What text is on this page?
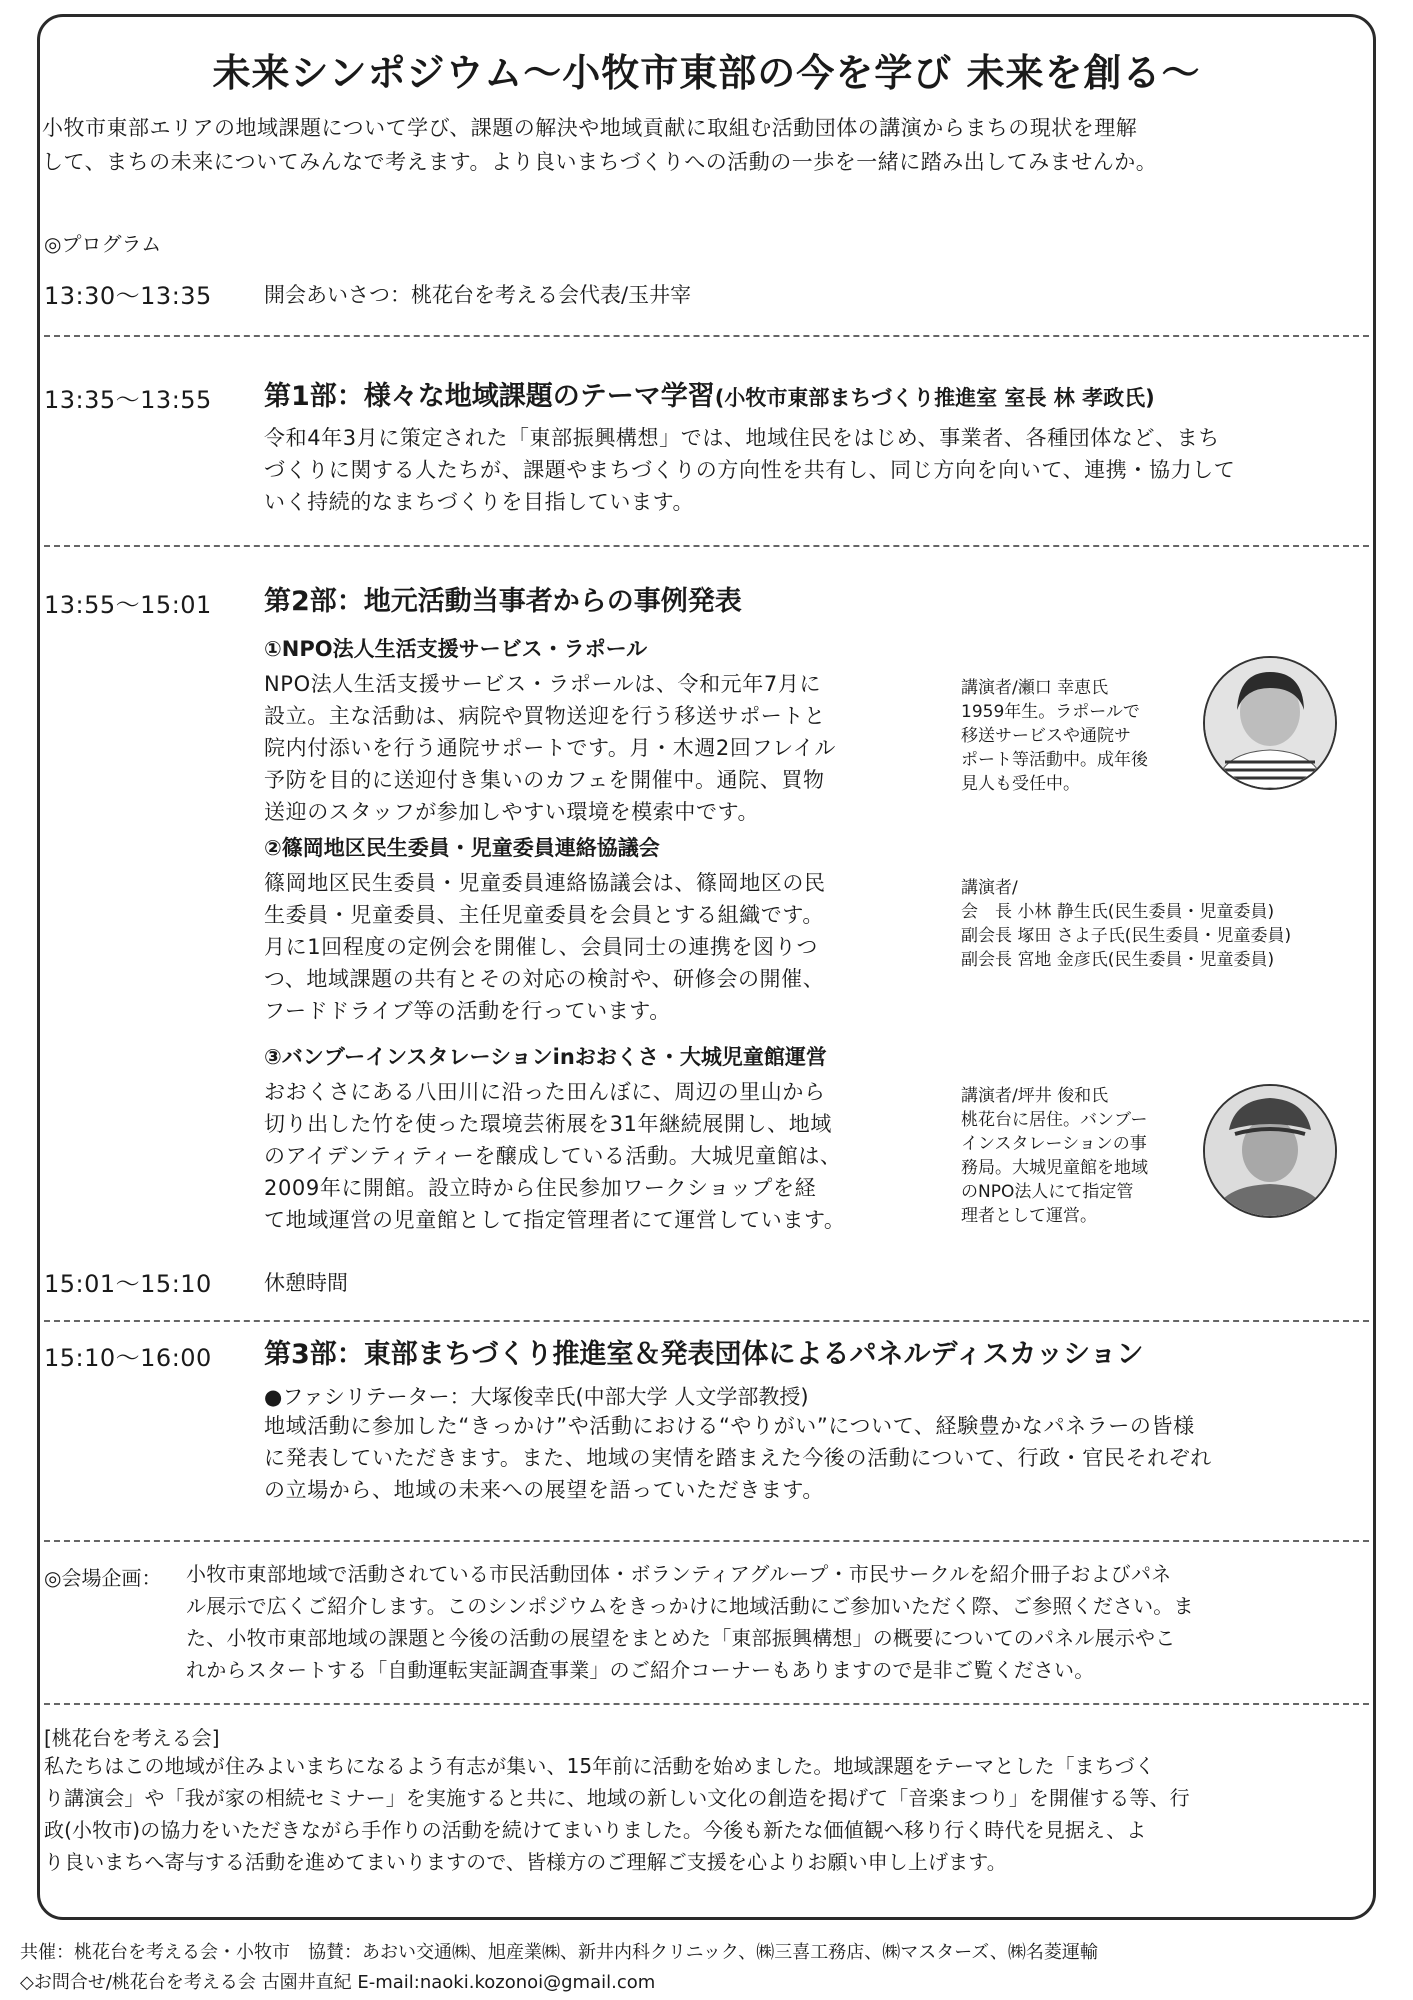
未来シンポジウム～小牧市東部の今を学び 未来を創る～
小牧市東部エリアの地域課題について学び、課題の解決や地域貢献に取組む活動団体の講演からまちの現状を理解
して、まちの未来についてみんなで考えます。より良いまちづくりへの活動の一歩を一緒に踏み出してみませんか。
◎プログラム
13:30～13:35 開会あいさつ：桃花台を考える会代表/玉井宰
13:35～13:55 第1部：様々な地域課題のテーマ学習(小牧市東部まちづくり推進室 室長 林 孝政氏)

令和4年3月に策定された「東部振興構想」では、地域住民をはじめ、事業者、各種団体など、まち

づくりに関する人たちが、課題やまちづくりの方向性を共有し、同じ方向を向いて、連携・協力して

いく持続的なまちづくりを目指しています。

13:55～15:01 第2部：地元活動当事者からの事例発表
①NPO法人生活支援サービス・ラポール

NPO法人生活支援サービス・ラポールは、令和元年7月に

設立。主な活動は、病院や買物送迎を行う移送サポートと

院内付添いを行う通院サポートです。月・木週2回フレイル

予防を目的に送迎付き集いのカフェを開催中。通院、買物

送迎のスタッフが参加しやすい環境を模索中です。

講演者/瀬口 幸恵氏

1959年生。ラポールで

移送サービスや通院サ

ポート等活動中。成年後

見人も受任中。

②篠岡地区民生委員・児童委員連絡協議会

篠岡地区民生委員・児童委員連絡協議会は、篠岡地区の民

生委員・児童委員、主任児童委員を会員とする組織です。

月に1回程度の定例会を開催し、会員同士の連携を図りつ

つ、地域課題の共有とその対応の検討や、研修会の開催、

フードドライブ等の活動を行っています。

講演者/

会　長 小林 静生氏(民生委員・児童委員)

副会長 塚田 さよ子氏(民生委員・児童委員)

副会長 宮地 金彦氏(民生委員・児童委員)

③バンブーインスタレーションinおおくさ・大城児童館運営

おおくさにある八田川に沿った田んぼに、周辺の里山から

切り出した竹を使った環境芸術展を31年継続展開し、地域

のアイデンティティーを醸成している活動。大城児童館は、

2009年に開館。設立時から住民参加ワークショップを経

て地域運営の児童館として指定管理者にて運営しています。

講演者/坪井 俊和氏

桃花台に居住。バンブー

インスタレーションの事

務局。大城児童館を地域

のNPO法人にて指定管

理者として運営。

15:01～15:10 休憩時間
15:10～16:00 第3部：東部まちづくり推進室＆発表団体によるパネルディスカッション
●ファシリテーター：大塚俊幸氏(中部大学 人文学部教授)

地域活動に参加した“きっかけ”や活動における“やりがい”について、経験豊かなパネラーの皆様

に発表していただきます。また、地域の実情を踏まえた今後の活動について、行政・官民それぞれ

の立場から、地域の未来への展望を語っていただきます。

◎会場企画： 小牧市東部地域で活動されている市民活動団体・ボランティアグループ・市民サークルを紹介冊子およびパネ

ル展示で広くご紹介します。このシンポジウムをきっかけに地域活動にご参加いただく際、ご参照ください。ま

た、小牧市東部地域の課題と今後の活動の展望をまとめた「東部振興構想」の概要についてのパネル展示やこ

れからスタートする「自動運転実証調査事業」のご紹介コーナーもありますので是非ご覧ください。

[桃花台を考える会]

私たちはこの地域が住みよいまちになるよう有志が集い、15年前に活動を始めました。地域課題をテーマとした「まちづく

り講演会」や「我が家の相続セミナー」を実施すると共に、地域の新しい文化の創造を掲げて「音楽まつり」を開催する等、行

政(小牧市)の協力をいただきながら手作りの活動を続けてまいりました。今後も新たな価値観へ移り行く時代を見据え、よ

り良いまちへ寄与する活動を進めてまいりますので、皆様方のご理解ご支援を心よりお願い申し上げます。

共催：桃花台を考える会・小牧市　協賛：あおい交通㈱、旭産業㈱、新井内科クリニック、㈱三喜工務店、㈱マスターズ、㈱名菱運輸
◇お問合せ/桃花台を考える会 古園井直紀 E-mail:naoki.kozonoi@gmail.com
